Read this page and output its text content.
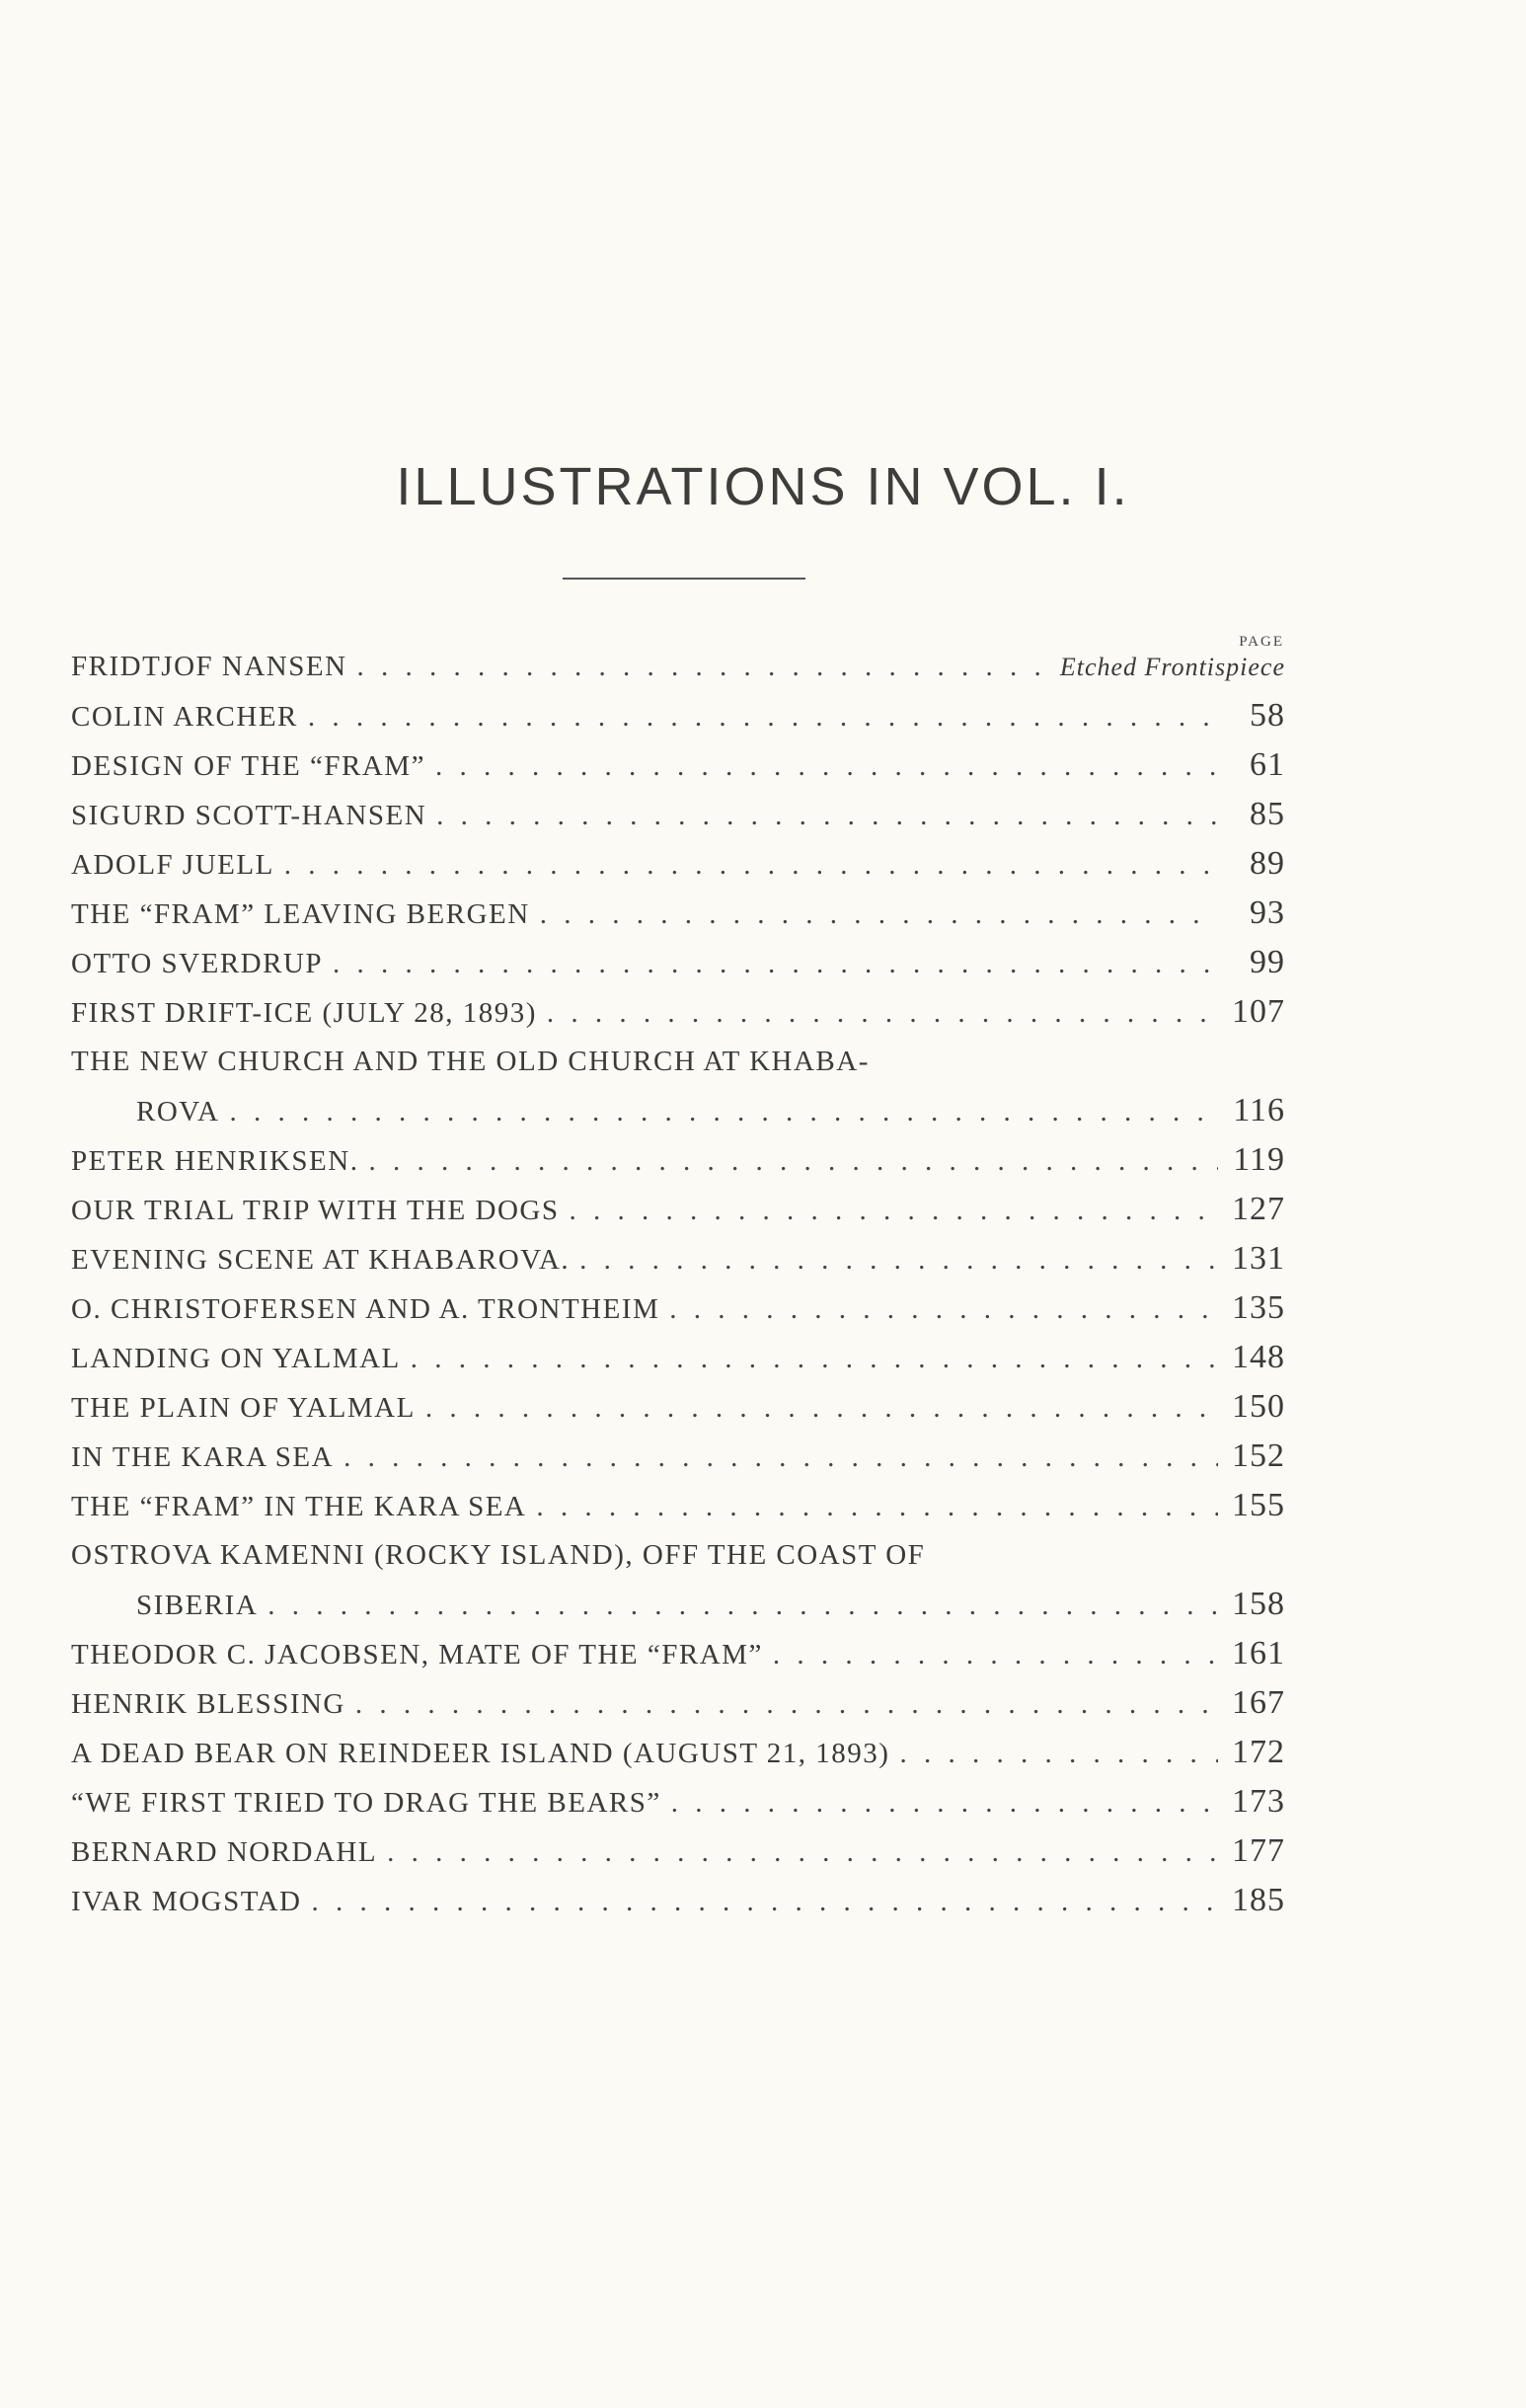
ILLUSTRATIONS IN VOL. I.
PAGE
FRIDTJOF NANSEN . . .	Etched Frontispiece
COLIN ARCHER . . .	58
DESIGN OF THE “FRAM” . . .	61
SIGURD SCOTT-HANSEN . . .	85
ADOLF JUELL . . .	89
THE “FRAM” LEAVING BERGEN . . .	93
OTTO SVERDRUP . . .	99
FIRST DRIFT-ICE (JULY 28, 1893) . . .	107
THE NEW CHURCH AND THE OLD CHURCH AT KHABA-
ROVA . . .	116
PETER HENRIKSEN. . . .	119
OUR TRIAL TRIP WITH THE DOGS . . .	127
EVENING SCENE AT KHABAROVA. . . .	131
O. CHRISTOFERSEN AND A. TRONTHEIM . . .	135
LANDING ON YALMAL . . .	148
THE PLAIN OF YALMAL . . .	150
IN THE KARA SEA . . .	152
THE “FRAM” IN THE KARA SEA . . .	155
OSTROVA KAMENNI (ROCKY ISLAND), OFF THE COAST OF
SIBERIA . . .	158
THEODOR C. JACOBSEN, MATE OF THE “FRAM” . . .	161
HENRIK BLESSING . . .	167
A DEAD BEAR ON REINDEER ISLAND (AUGUST 21, 1893) . . .	172
“WE FIRST TRIED TO DRAG THE BEARS” . . .	173
BERNARD NORDAHL . . .	177
IVAR MOGSTAD . . .	185
